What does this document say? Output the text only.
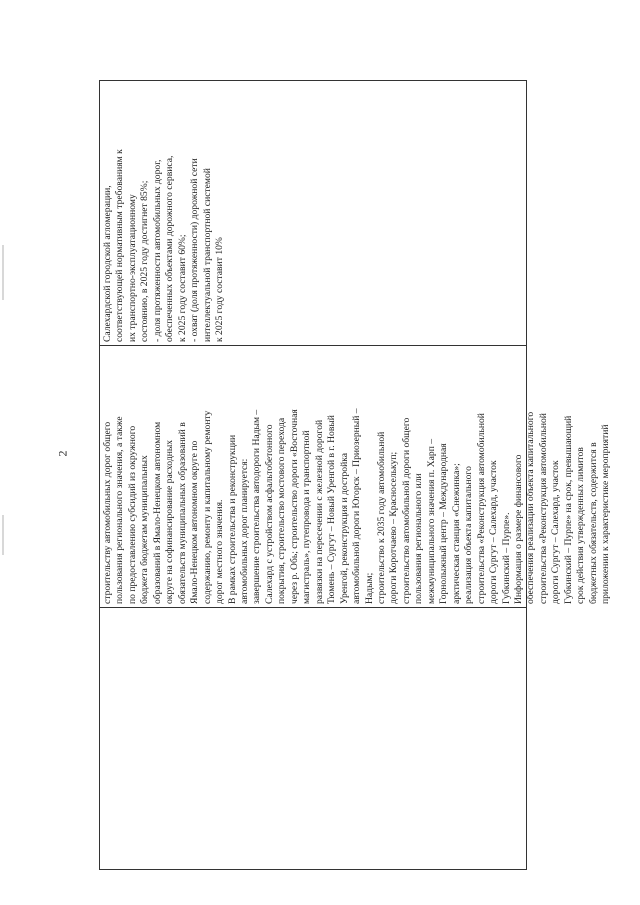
2	строительству автомобильных дорог общего пользования регионального значения, а также по предоставлению субсидий из окружного бюджета бюджетам муниципальных образований в Ямало-Ненецком автономном округе на софинансирование расходных обязательств муниципальных образований в Ямало-Ненецком автономном округе по содержанию, ремонту и капитальному ремонту дорог местного значения. В рамках строительства и реконструкции автомобильных дорог планируется: завершение строительства автодороги Надым – Салехард с устройством асфальтобетонного покрытия, строительство мостового перехода через р. Обь; строительство дороги «Восточная магистраль», путепровода и транспортной развязки на пересечении с железной дорогой Тюмень – Сургут – Новый Уренгой в г. Новый Уренгой, реконструкция и достройка автомобильной дороги Югорск – Приозерный – Надым; строительство к 2035 году автомобильной дороги Коротчаево – Красноселькуп; строительство автомобильной дороги общего пользования регионального или межмуниципального значения п. Харп – Горнолыжный центр – Международная арктическая станция «Снежинка»; реализация объекта капитального строительства «Реконструкция автомобильной дороги Сургут – Салехард, участок Губкинский – Пурпе». Информация о размере финансового обеспечения реализации объекта капитального строительства «Реконструкция автомобильной дороги Сургут – Салехард, участок Губкинский – Пурпе» на срок, превышающий срок действия утвержденных лимитов бюджетных обязательств, содержится в приложении к характеристике мероприятий
Салехардской городской агломерации, соответствующей нормативным требованиям к их транспортно-эксплуатационному состоянию, в 2025 году достигнет 85%; - доля протяженности автомобильных дорог, обеспеченных объектами дорожного сервиса, к 2025 году составит 60%; - охват (доля протяженности) дорожной сети интеллектуальной транспортной системой к 2025 году составит 10%
